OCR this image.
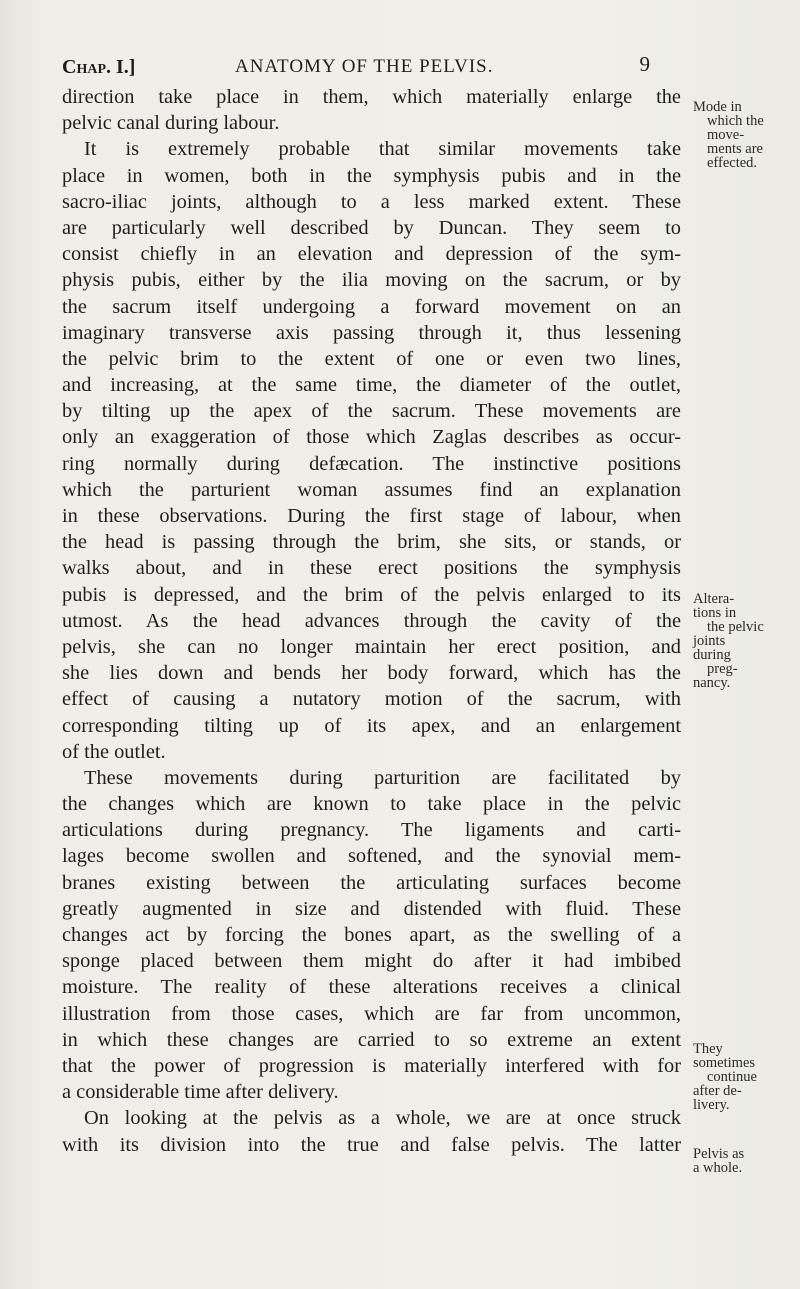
Chap. I.]	ANATOMY OF THE PELVIS.	9
direction take place in them, which materially enlarge the
pelvic canal during labour.
It is extremely probable that similar movements take
place in women, both in the symphysis pubis and in the
sacro-iliac joints, although to a less marked extent. These
are particularly well described by Duncan. They seem to
consist chiefly in an elevation and depression of the sym-
physis pubis, either by the ilia moving on the sacrum, or by
the sacrum itself undergoing a forward movement on an
imaginary transverse axis passing through it, thus lessening
the pelvic brim to the extent of one or even two lines,
and increasing, at the same time, the diameter of the outlet,
by tilting up the apex of the sacrum. These movements are
only an exaggeration of those which Zaglas describes as occur-
ring normally during defæcation. The instinctive positions
which the parturient woman assumes find an explanation
in these observations. During the first stage of labour, when
the head is passing through the brim, she sits, or stands, or
walks about, and in these erect positions the symphysis
pubis is depressed, and the brim of the pelvis enlarged to its
utmost. As the head advances through the cavity of the
pelvis, she can no longer maintain her erect position, and
she lies down and bends her body forward, which has the
effect of causing a nutatory motion of the sacrum, with
corresponding tilting up of its apex, and an enlargement
of the outlet.
These movements during parturition are facilitated by
the changes which are known to take place in the pelvic
articulations during pregnancy. The ligaments and carti-
lages become swollen and softened, and the synovial mem-
branes existing between the articulating surfaces become
greatly augmented in size and distended with fluid. These
changes act by forcing the bones apart, as the swelling of a
sponge placed between them might do after it had imbibed
moisture. The reality of these alterations receives a clinical
illustration from those cases, which are far from uncommon,
in which these changes are carried to so extreme an extent
that the power of progression is materially interfered with for
a considerable time after delivery.
On looking at the pelvis as a whole, we are at once struck
with its division into the true and false pelvis. The latter
Mode in
which the
move-
ments are
effected.
Altera-
tions in
the pelvic
joints
during
preg-
nancy.
They
sometimes
continue
after de-
livery.
Pelvis as
a whole.
